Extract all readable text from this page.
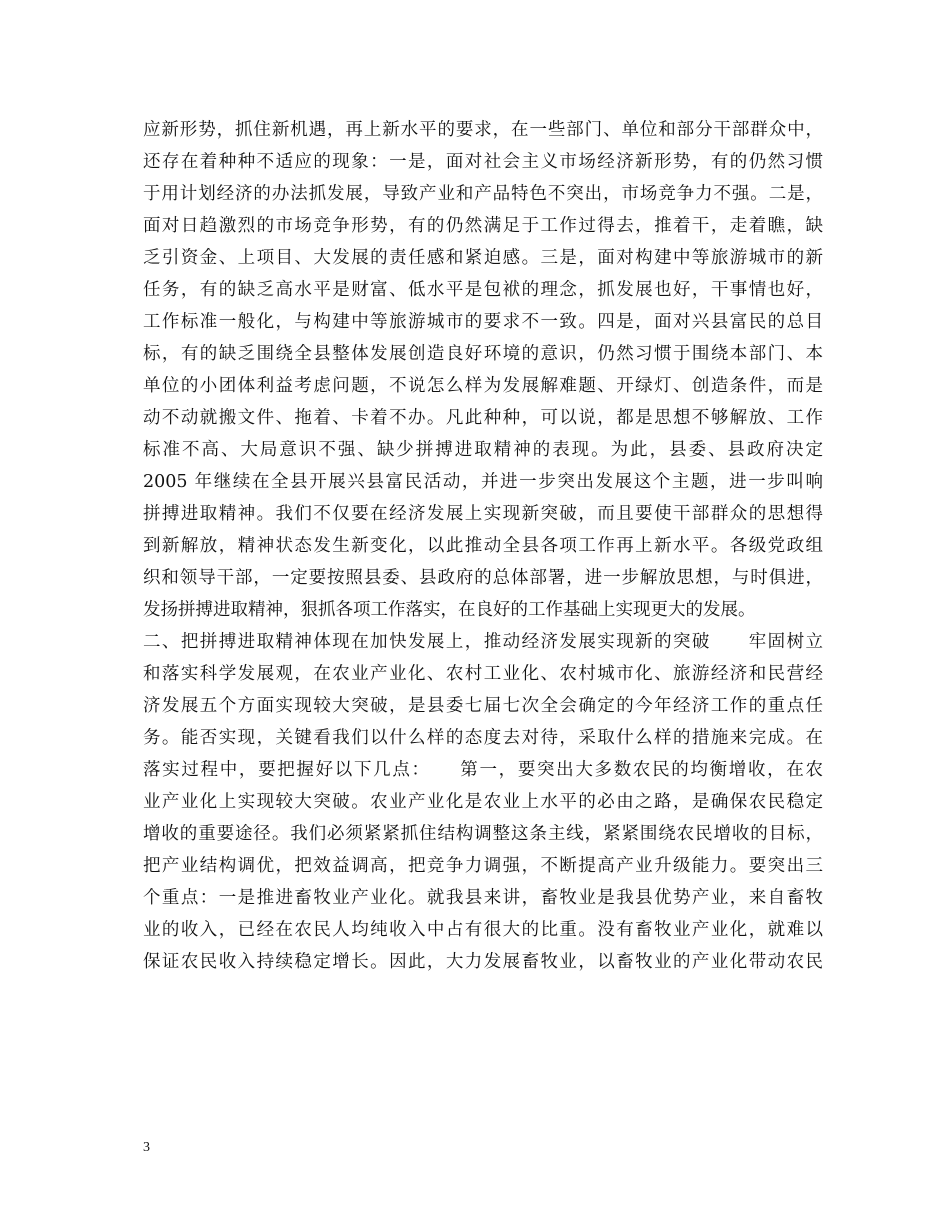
应新形势，抓住新机遇，再上新水平的要求，在一些部门、单位和部分干部群众中，
还存在着种种不适应的现象：一是，面对社会主义市场经济新形势，有的仍然习惯
于用计划经济的办法抓发展，导致产业和产品特色不突出，市场竞争力不强。二是，
面对日趋激烈的市场竞争形势，有的仍然满足于工作过得去，推着干，走着瞧，缺
乏引资金、上项目、大发展的责任感和紧迫感。三是，面对构建中等旅游城市的新
任务，有的缺乏高水平是财富、低水平是包袱的理念，抓发展也好，干事情也好，
工作标准一般化，与构建中等旅游城市的要求不一致。四是，面对兴县富民的总目
标，有的缺乏围绕全县整体发展创造良好环境的意识，仍然习惯于围绕本部门、本
单位的小团体利益考虑问题，不说怎么样为发展解难题、开绿灯、创造条件，而是
动不动就搬文件、拖着、卡着不办。凡此种种，可以说，都是思想不够解放、工作
标准不高、大局意识不强、缺少拼搏进取精神的表现。为此，县委、县政府决定
2005 年继续在全县开展兴县富民活动，并进一步突出发展这个主题，进一步叫响
拼搏进取精神。我们不仅要在经济发展上实现新突破，而且要使干部群众的思想得
到新解放，精神状态发生新变化，以此推动全县各项工作再上新水平。各级党政组
织和领导干部，一定要按照县委、县政府的总体部署，进一步解放思想，与时俱进，
发扬拼搏进取精神，狠抓各项工作落实，在良好的工作基础上实现更大的发展。
二、把拼搏进取精神体现在加快发展上，推动经济发展实现新的突破　　牢固树立
和落实科学发展观，在农业产业化、农村工业化、农村城市化、旅游经济和民营经
济发展五个方面实现较大突破，是县委七届七次全会确定的今年经济工作的重点任
务。能否实现，关键看我们以什么样的态度去对待，采取什么样的措施来完成。在
落实过程中，要把握好以下几点：　　第一，要突出大多数农民的均衡增收，在农
业产业化上实现较大突破。农业产业化是农业上水平的必由之路，是确保农民稳定
增收的重要途径。我们必须紧紧抓住结构调整这条主线，紧紧围绕农民增收的目标，
把产业结构调优，把效益调高，把竞争力调强，不断提高产业升级能力。要突出三
个重点：一是推进畜牧业产业化。就我县来讲，畜牧业是我县优势产业，来自畜牧
业的收入，已经在农民人均纯收入中占有很大的比重。没有畜牧业产业化，就难以
保证农民收入持续稳定增长。因此，大力发展畜牧业，以畜牧业的产业化带动农民
3
